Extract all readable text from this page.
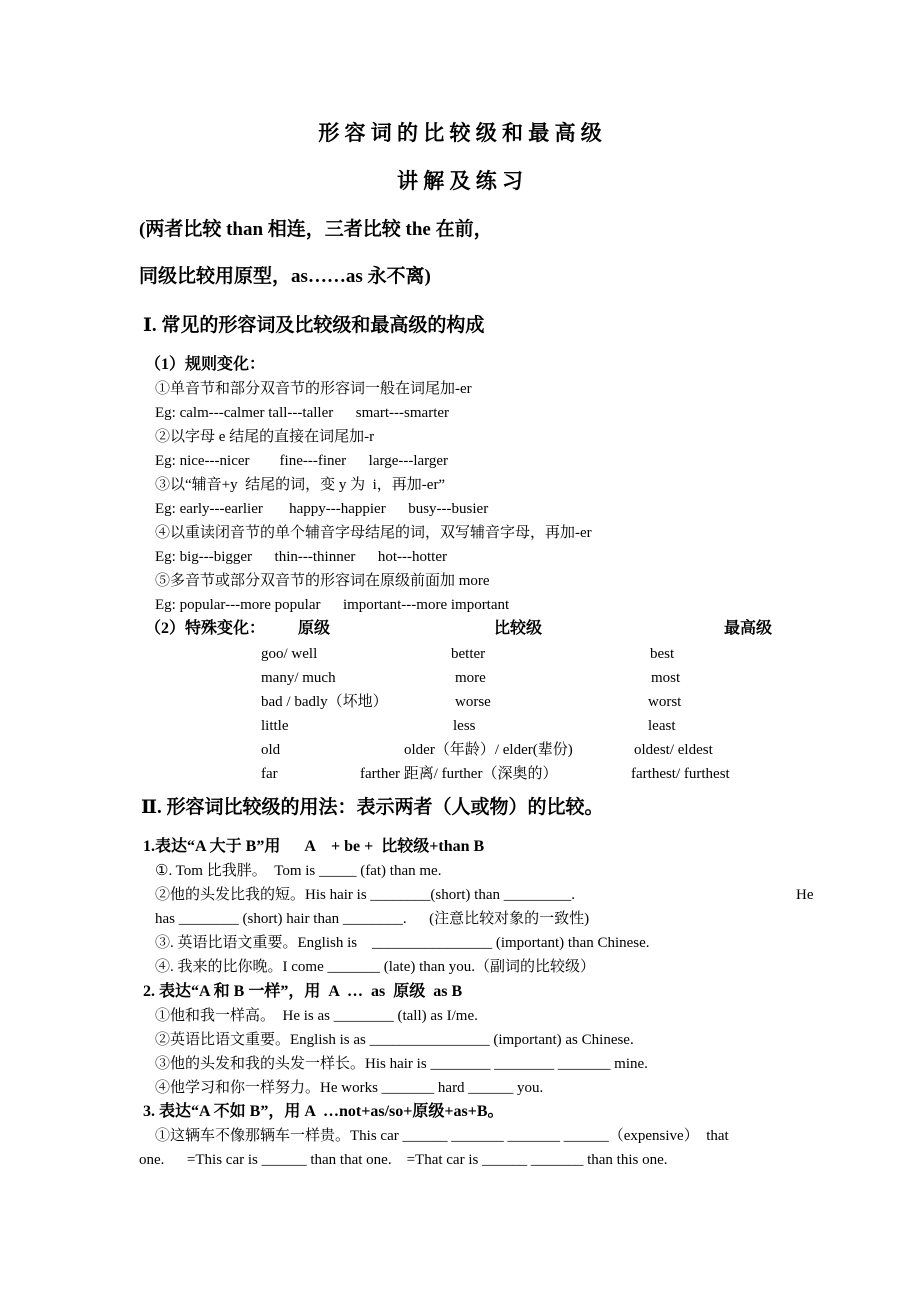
形 容 词 的 比 较 级 和 最 高 级
讲 解 及 练 习
(两者比较 than 相连，三者比较 the 在前，
同级比较用原型，as……as 永不离)
Ⅰ. 常见的形容词及比较级和最高级的构成
（1）规则变化：
①单音节和部分双音节的形容词一般在词尾加-er
Eg: calm---calmer tall---taller      smart---smarter
②以字母 e 结尾的直接在词尾加-r
Eg: nice---nicer        fine---finer      large---larger
③以“辅音+y  结尾的词，变 y 为  i，再加-er”
Eg: early---earlier       happy---happier      busy---busier
④以重读闭音节的单个辅音字母结尾的词，双写辅音字母，再加-er
Eg: big---bigger      thin---thinner      hot---hotter
⑤多音节或部分双音节的形容词在原级前面加 more
Eg: popular---more popular      important---more important
（2）特殊变化： 原级	比较级	最高级
goo/ well	better	best
many/ much	more	most
bad / badly（坏地）	worse	worst
little	less	least
old	older（年龄）/ elder(辈份)	oldest/ eldest
far	farther 距离/ further（深奥的）	farthest/ furthest
Ⅱ. 形容词比较级的用法：表示两者（人或物）的比较。
1.表达“A 大于 B”用      A    + be +  比较级+than B
①. Tom 比我胖。  Tom is _____ (fat) than me.
②他的头发比我的短。His hair is ________(short) than _________.	He
has ________ (short) hair than ________.      (注意比较对象的一致性)
③. 英语比语文重要。English is    ________________ (important) than Chinese.
④. 我来的比你晚。I come _______ (late) than you.（副词的比较级）
2. 表达“A 和 B 一样”，用  A  …  as  原级  as B
①他和我一样高。  He is as ________ (tall) as I/me.
②英语比语文重要。English is as ________________ (important) as Chinese.
③他的头发和我的头发一样长。His hair is ________ ________ _______ mine.
④他学习和你一样努力。He works _______ hard ______ you.
3. 表达“A 不如 B”，用 A  …not+as/so+原级+as+B。
①这辆车不像那辆车一样贵。This car ______ _______ _______ ______（expensive）  that
one.      =This car is ______ than that one.    =That car is ______ _______ than this one.
